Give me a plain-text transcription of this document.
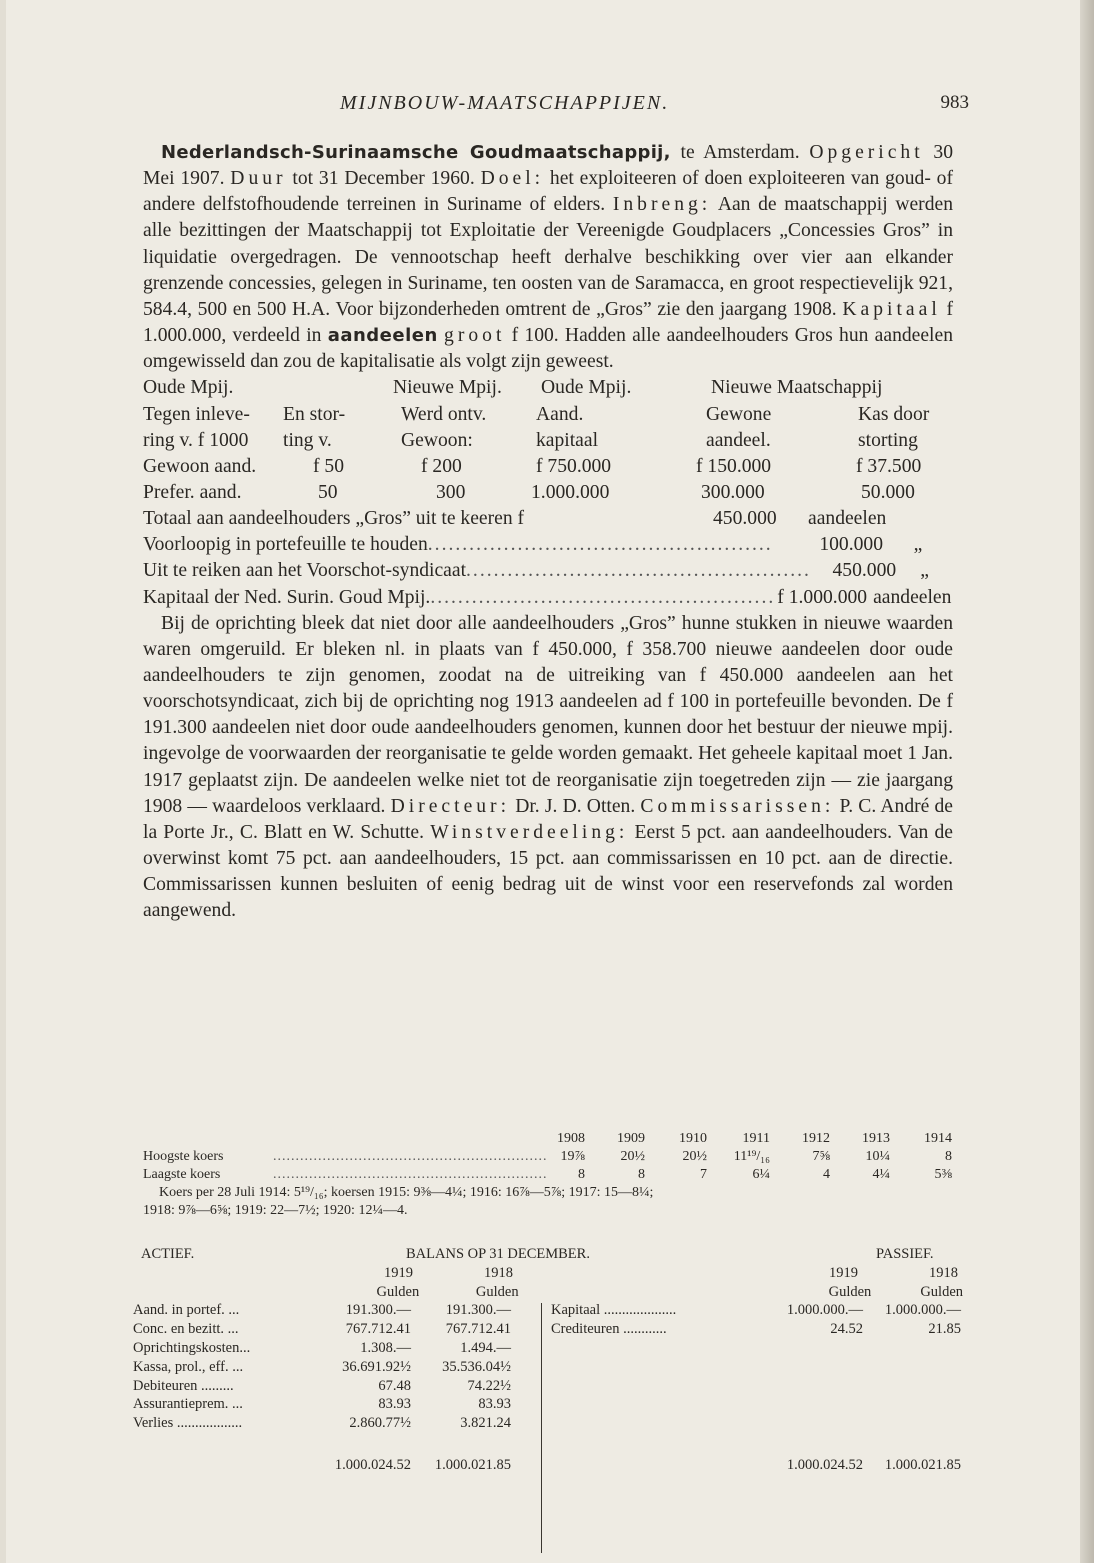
MIJNBOUW-MAATSCHAPPIJEN.	983

Nederlandsch-Surinaamsche Goudmaatschappij, te Amsterdam. Opgericht 30 Mei 1907. Duur tot 31 December 1960. Doel: het exploiteeren of doen exploiteeren van goud- of andere delfstofhoudende terreinen in Suriname of elders. Inbreng: Aan de maatschappij werden alle bezittingen der Maatschappij tot Exploitatie der Vereenigde Goudplacers „Concessies Gros” in liquidatie overgedragen. De vennootschap heeft derhalve beschikking over vier aan elkander grenzende concessies, gelegen in Suriname, ten oosten van de Saramacca, en groot respectievelijk 921, 584.4, 500 en 500 H.A. Voor bijzonderheden omtrent de „Gros” zie den jaargang 1908. Kapitaal f 1.000.000, verdeeld in aandeelen groot f 100. Hadden alle aandeelhouders Gros hun aandeelen omgewisseld dan zou de kapitalisatie als volgt zijn geweest.

Oude Mpij.	Nieuwe Mpij.	Oude Mpij.	Nieuwe Maatschappij
Tegen inleve-	En stor-	Werd ontv.	Aand.	Gewone	Kas door
ring v. f 1000	ting v.	Gewoon:	kapitaal	aandeel.	storting
Gewoon aand.	f 50	f 200	f 750.000	f 150.000	f 37.500
Prefer. aand.	50	300	1.000.000	300.000	50.000
Totaal aan aandeelhouders „Gros” uit te keeren f	450.000	aandeelen
Voorloopig in portefeuille te houden ..................................................	100.000	„
Uit te reiken aan het Voorschot-syndicaat ..................................................	450.000	„
Kapitaal der Ned. Surin. Goud Mpij. .................................................. f 1.000.000 aandeelen

Bij de oprichting bleek dat niet door alle aandeelhouders „Gros” hunne stukken in nieuwe waarden waren omgeruild. Er bleken nl. in plaats van f 450.000, f 358.700 nieuwe aandeelen door oude aandeelhouders te zijn genomen, zoodat na de uitreiking van f 450.000 aandeelen aan het voorschotsyndicaat, zich bij de oprichting nog 1913 aandeelen ad f 100 in portefeuille bevonden. De f 191.300 aandeelen niet door oude aandeelhouders genomen, kunnen door het bestuur der nieuwe mpij. ingevolge de voorwaarden der reorganisatie te gelde worden gemaakt. Het geheele kapitaal moet 1 Jan. 1917 geplaatst zijn. De aandeelen welke niet tot de reorganisatie zijn toegetreden zijn — zie jaargang 1908 — waardeloos verklaard. Directeur: Dr. J. D. Otten. Commissarissen: P. C. André de la Porte Jr., C. Blatt en W. Schutte. Winstverdeeling: Eerst 5 pct. aan aandeelhouders. Van de overwinst komt 75 pct. aan aandeelhouders, 15 pct. aan commissarissen en 10 pct. aan de directie. Commissarissen kunnen besluiten of eenig bedrag uit de winst voor een reservefonds zal worden aangewend.

1908	1909	1910	1911	1912	1913	1914
Hoogste koers	............................................................. 19⅞	20½	20½	11¹⁹/₁₆	7⅝	10¼	8
Laagste koers	.............................................................	8	8	7	6¼	4	4¼	5⅜
Koers per 28 Juli 1914: 5¹⁹/₁₆; koersen 1915: 9⅜—4¼; 1916: 16⅞—5⅞; 1917: 15—8¼;
1918: 9⅞—6⅝; 1919: 22—7½; 1920: 12¼—4.
ACTIEF.	BALANS OP 31 DECEMBER.	PASSIEF.
1919	1918	1919	1918
Gulden	Gulden	Gulden	Gulden
Aand. in portef. ...	191.300.—	191.300.—	Kapitaal ....................	1.000.000.—	1.000.000.—
Conc. en bezitt. ...	767.712.41	767.712.41	Crediteuren ............	24.52	21.85
Oprichtingskosten...	1.308.—	1.494.—
Kassa, prol., eff. ...	36.691.92½	35.536.04½
Debiteuren .........	67.48	74.22½
Assurantieprem. ...	83.93	83.93
Verlies ..................	2.860.77½	3.821.24
1.000.024.52	1.000.021.85	1.000.024.52	1.000.021.85
